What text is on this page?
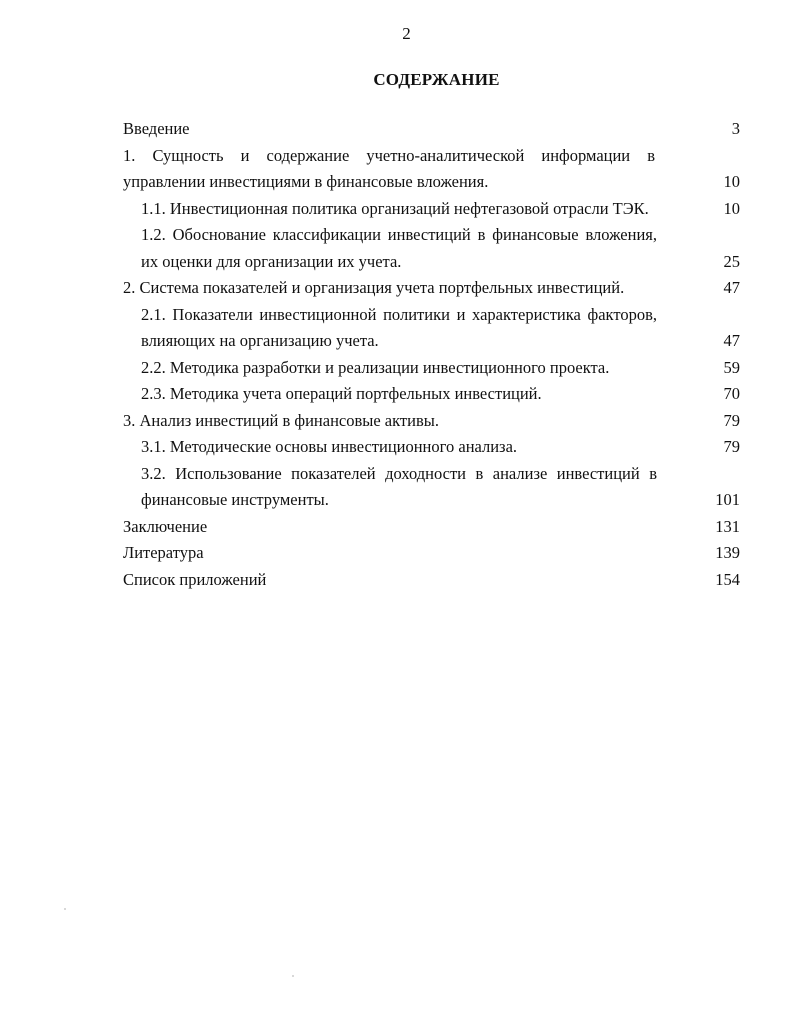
2
СОДЕРЖАНИЕ
Введение	3
1. Сущность и содержание учетно-аналитической информации в управлении инвестициями в финансовые вложения.	10
1.1. Инвестиционная политика организаций нефтегазовой отрасли ТЭК.	10
1.2. Обоснование классификации инвестиций в финансовые вложения, их оценки для организации их учета.	25
2. Система показателей и организация учета портфельных инвестиций.	47
2.1. Показатели инвестиционной политики и характеристика факторов, влияющих на организацию учета.	47
2.2. Методика разработки и реализации инвестиционного проекта.	59
2.3. Методика учета операций портфельных инвестиций.	70
3. Анализ инвестиций в финансовые активы.	79
3.1. Методические основы инвестиционного анализа.	79
3.2. Использование показателей доходности в анализе инвестиций в финансовые инструменты.	101
Заключение	131
Литература	139
Список приложений	154
